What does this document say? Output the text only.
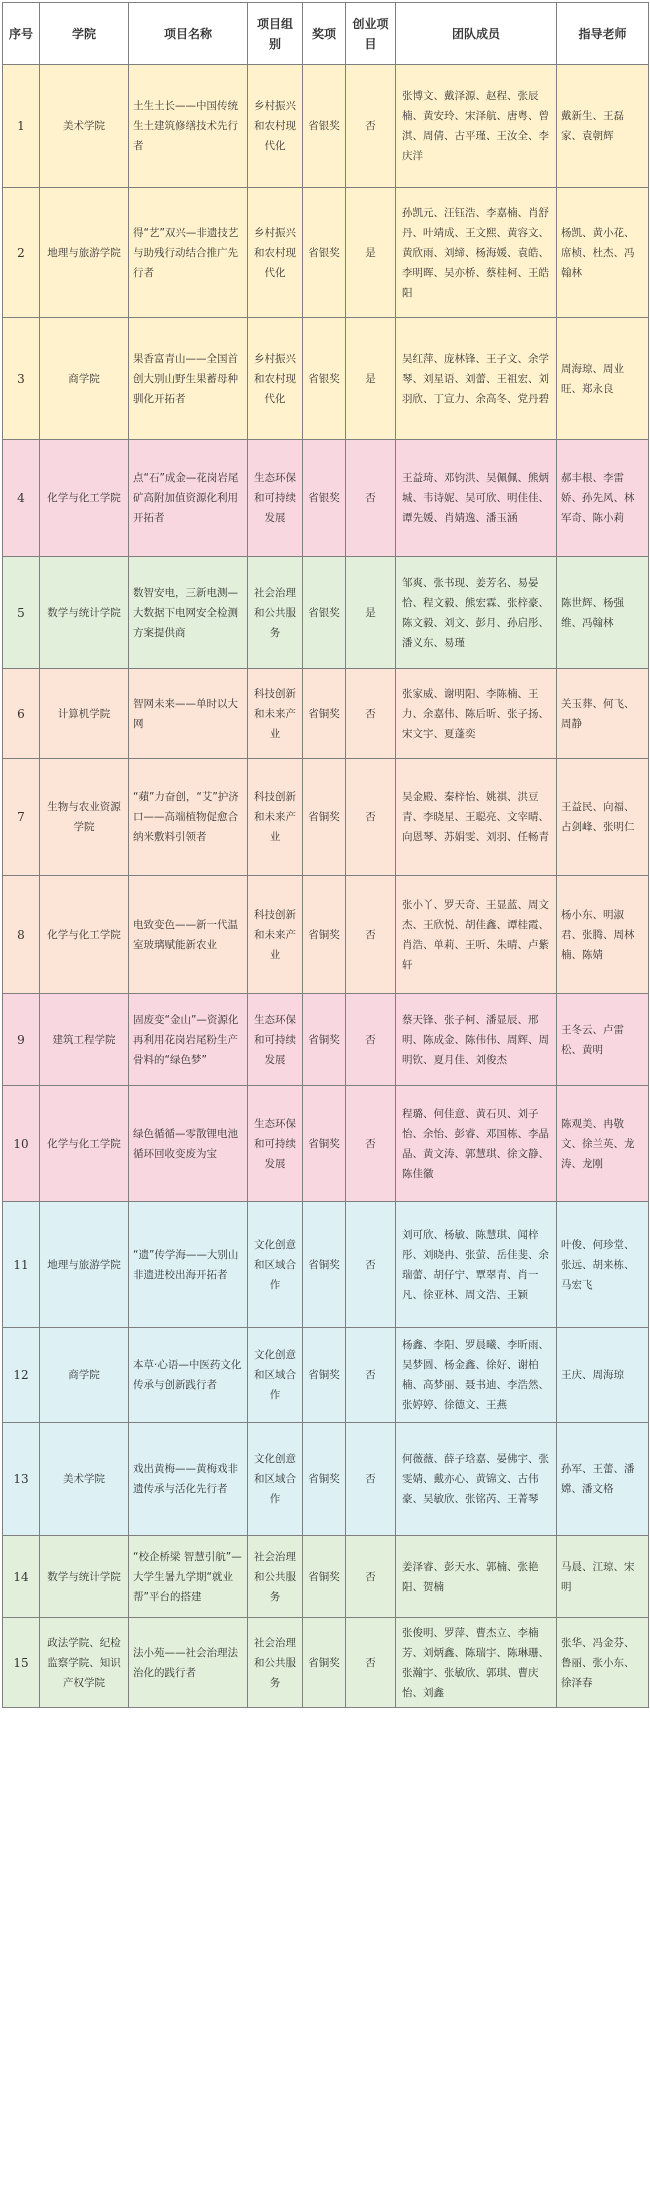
序号	学院	项目名称	项目组别	奖项	创业项目	团队成员	指导老师
1	美术学院	土生土长——中国传统生土建筑修缮技术先行者	乡村振兴和农村现代化	省银奖	否	张博文、戴泽源、赵程、张辰楠、黄安玲、宋泽航、唐粤、曾淇、周倩、古平瑾、王汝全、李庆洋	戴新生、王磊家、袁朝辉
2	地理与旅游学院	得“艺”双兴—非遗技艺与助残行动结合推广先行者	乡村振兴和农村现代化	省银奖	是	孙凯元、汪钰浩、李嘉楠、肖舒丹、叶靖成、王文熙、黄容文、黄欣雨、刘缔、杨海媛、袁皓、李明晖、吴亦桥、蔡桂柯、王皓阳	杨凯、黄小花、席桢、杜杰、冯翰林
3	商学院	果香富青山——全国首创大别山野生果蓄母种驯化开拓者	乡村振兴和农村现代化	省银奖	是	吴红萍、庞林锋、王子文、余学琴、刘星语、刘蕾、王祖宏、刘羽欣、丁宣力、余高冬、党丹碧	周海琼、周业旺、郑永良
4	化学与化工学院	点“石”成金—花岗岩尾矿高附加值资源化利用开拓者	生态环保和可持续发展	省银奖	否	王益琦、邓钧洪、吴佩佩、熊炳城、韦诗妮、吴可欣、明佳佳、谭先媛、肖婧逸、潘玉涵	郝丰根、李雷娇、孙先风、林军奇、陈小莉
5	数学与统计学院	数智安电，三新电测—大数据下电网安全检测方案提供商	社会治理和公共服务	省银奖	是	邹爽、张书现、姜芳名、易晏恰、程文毅、熊宏霖、张梓豪、陈文毅、刘文、彭月、孙启彤、潘义东、易瑾	陈世辉、杨强维、冯翰林
6	计算机学院	智网未来——单时以大网	科技创新和未来产业	省铜奖	否	张家威、谢明阳、李陈楠、王力、余嘉伟、陈后昕、张子扬、宋文宇、夏蓬奕	关玉葬、何飞、周静
7	生物与农业资源学院	“蘋”力奋创，“艾”护济口——高端植物促愈合纳米敷料引领者	科技创新和未来产业	省铜奖	否	吴金殿、秦梓怡、姚祺、洪豆青、李晓星、王聪亮、文宰晴、向恩琴、苏娟雯、刘羽、任畅青	王益民、向福、占剑峰、张明仁
8	化学与化工学院	电致变色——新一代温室玻璃赋能新农业	科技创新和未来产业	省铜奖	否	张小丫、罗天奇、王显蓝、周文杰、王欣悦、胡佳鑫、谭桂霞、肖浩、单莉、王听、朱晴、卢紫轩	杨小东、明淑君、张腾、周林楠、陈婧
9	建筑工程学院	固废变“金山”—资源化再利用花岗岩尾粉生产骨料的“绿色梦”	生态环保和可持续发展	省铜奖	否	蔡天锋、张子柯、潘显辰、邢明、陈成金、陈伟伟、周辉、周明钦、夏月佳、刘俊杰	王冬云、卢雷松、黄明
10	化学与化工学院	绿色循循—零散锂电池循环回收变废为宝	生态环保和可持续发展	省铜奖	否	程璐、何佳意、黄石贝、刘子怡、余怡、彭睿、邓国栋、李晶晶、黄文涛、郭慧琪、徐文静、陈佳徽	陈观美、冉敬文、徐兰英、龙涛、龙刚
11	地理与旅游学院	“遗”传学海——大别山非遗进校出海开拓者	文化创意和区域合作	省铜奖	否	刘可欣、杨敏、陈慧琪、闻梓彤、刘晓冉、张萤、岳佳斐、余瑞蕾、胡仔宁、覃翠青、肖一凡、徐亚林、周文浩、王颖	叶俊、何珍堂、张远、胡来栋、马宏飞
12	商学院	本草·心语—中医药文化传承与创新践行者	文化创意和区域合作	省铜奖	否	杨鑫、李阳、罗晨曦、李昕雨、吴梦圆、杨金鑫、徐好、谢柏楠、高梦丽、聂书迪、李浩然、张婷婷、徐德文、王燕	王庆、周海琼
13	美术学院	戏出黄梅——黄梅戏非遗传承与活化先行者	文化创意和区域合作	省铜奖	否	何薇薇、薛子琀嘉、晏佛宇、张雯婧、戴亦心、黄锦文、古伟豪、吴敏欣、张铭芮、王菁琴	孙军、王蕾、潘嫦、潘文格
14	数学与统计学院	“校企桥梁 智慧引航”—大学生暑九学期“就业帮”平台的搭建	社会治理和公共服务	省铜奖	否	姜泽睿、彭天水、郭楠、张艳阳、贺楠	马晨、江琼、宋明
15	政法学院、纪检监察学院、知识产权学院	法小苑——社会治理法治化的践行者	社会治理和公共服务	省铜奖	否	张俊明、罗萍、曹杰立、李楠芳、刘炳鑫、陈瑞宇、陈琳珊、张瀚宇、张敏欣、郭琪、曹庆怡、刘鑫	张华、冯金芬、鲁丽、张小东、徐泽春
